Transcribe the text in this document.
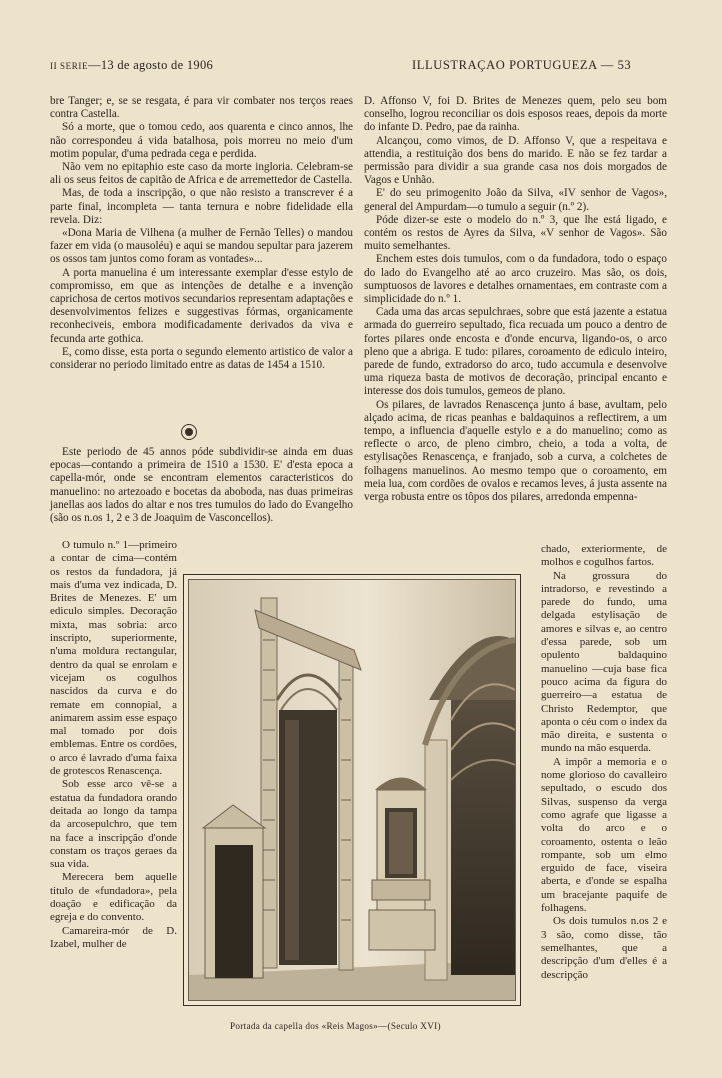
II SERIE—13 de agosto de 1906	ILLUSTRAÇAO PORTUGUEZA — 53

bre Tanger; e, se se resgata, é para vir combater nos terços reaes contra Castella.

Só a morte, que o tomou cedo, aos quarenta e cinco annos, lhe não correspondeu á vida batalhosa, pois morreu no meio d'um motim popular, d'uma pedrada cega e perdida.

Não vem no epitaphio este caso da morte ingloria. Celebram-se ali os seus feitos de capitão de Africa e de arremettedor de Castella.

Mas, de toda a inscripção, o que não resisto a transcrever é a parte final, incompleta — tanta ternura e nobre fidelidade ella revela. Diz:

«Dona Maria de Vilhena (a mulher de Fernão Telles) o mandou fazer em vida (o mausoléu) e aqui se mandou sepultar para jazerem os ossos tam juntos como foram as vontades»...

A porta manuelina é um interessante exemplar d'esse estylo de compromisso, em que as intenções de detalhe e a invenção caprichosa de certos motivos secundarios representam adaptações e desenvolvimentos felizes e suggestivas fórmas, organicamente reconheciveis, embora modificadamente derivados da viva e fecunda arte gothica.

E, como disse, esta porta o segundo elemento artistico de valor a considerar no periodo limitado entre as datas de 1454 a 1510.

Este periodo de 45 annos póde subdividir-se ainda em duas epocas—contando a primeira de 1510 a 1530. E' d'esta epoca a capella-mór, onde se encontram elementos caracteristicos do manuelino: no artezoado e bocetas da aboboda, nas duas primeiras janellas aos lados do altar e nos tres tumulos do lado do Evangelho (são os n.os 1, 2 e 3 de Joaquim de Vasconcellos).

O tumulo n.º 1—primeiro a contar de cima—contém os restos da fundadora, já mais d'uma vez indicada, D. Brites de Menezes. E' um ediculo simples. Decoração mixta, mas sobria: arco inscripto, superiormente, n'uma moldura rectangular, dentro da qual se enrolam e vicejam os cogulhos nascidos da curva e do remate em connopial, a animarem assim esse espaço mal tomado por dois emblemas. Entre os cordões, o arco é lavrado d'uma faixa de grotescos Renascença.

Sob esse arco vê-se a estatua da fundadora orando deitada ao longo da tampa da arcosepulchro, que tem na face a inscripção d'onde constam os traços geraes da sua vida.

Merecera bem aquelle titulo de «fundadora», pela doação e edificação da egreja e do convento.

Camareira-mór de D. Izabel, mulher de

D. Affonso V, foi D. Brites de Menezes quem, pelo seu bom conselho, logrou reconciliar os dois esposos reaes, depois da morte do infante D. Pedro, pae da rainha.

Alcançou, como vimos, de D. Affonso V, que a respeitava e attendia, a restituição dos bens do marido. E não se fez tardar a permissão para dividir a sua grande casa nos dois morgados de Vagos e Unhão.

E' do seu primogenito João da Silva, «IV senhor de Vagos», general del Ampurdam—o tumulo a seguir (n.º 2).

Póde dizer-se este o modelo do n.º 3, que lhe está ligado, e contém os restos de Ayres da Silva, «V senhor de Vagos». São muito semelhantes.

Enchem estes dois tumulos, com o da fundadora, todo o espaço do lado do Evangelho até ao arco cruzeiro. Mas são, os dois, sumptuosos de lavores e detalhes ornamentaes, em contraste com a simplicidade do n.º 1.

Cada uma das arcas sepulchraes, sobre que está jazente a estatua armada do guerreiro sepultado, fica recuada um pouco a dentro de fortes pilares onde encosta e d'onde encurva, ligando-os, o arco pleno que a abriga. E tudo: pilares, coroamento de ediculo inteiro, parede de fundo, extradorso do arco, tudo accumula e desenvolve uma riqueza basta de motivos de decoração, principal encanto e interesse dos dois tumulos, gemeos de plano.

Os pilares, de lavrados Renascença junto á base, avultam, pelo alçado acima, de ricas peanhas e baldaquinos a reflectirem, a um tempo, a influencia d'aquelle estylo e a do manuelino; como as reflecte o arco, de pleno cimbro, cheio, a toda a volta, de estylisações Renascença, e franjado, sob a curva, a colchetes de folhagens manuelinos. Ao mesmo tempo que o coroamento, em meia lua, com cordões de ovalos e recamos leves, á justa assente na verga robusta entre os tôpos dos pilares, arredonda empenna-

chado, exteriormente, de molhos e cogulhos fartos.

Na grossura do intradorso, e revestindo a parede do fundo, uma delgada estylisação de amores e silvas e, ao centro d'essa parede, sob um opulento baldaquino manuelino —cuja base fica pouco acima da figura do guerreiro—a estatua de Christo Redemptor, que aponta o céu com o index da mão direita, e sustenta o mundo na mão esquerda.

A impôr a memoria e o nome glorioso do cavalleiro sepultado, o escudo dos Silvas, suspenso da verga como agrafe que ligasse a volta do arco e o coroamento, ostenta o leão rompante, sob um elmo erguido de face, viseira aberta, e d'onde se espalha um bracejante paquife de folhagens.

Os dois tumulos n.os 2 e 3 são, como disse, tão semelhantes, que a descripção d'um d'elles é a descripção

Portada da capella dos «Reis Magos»—(Seculo XVI)
